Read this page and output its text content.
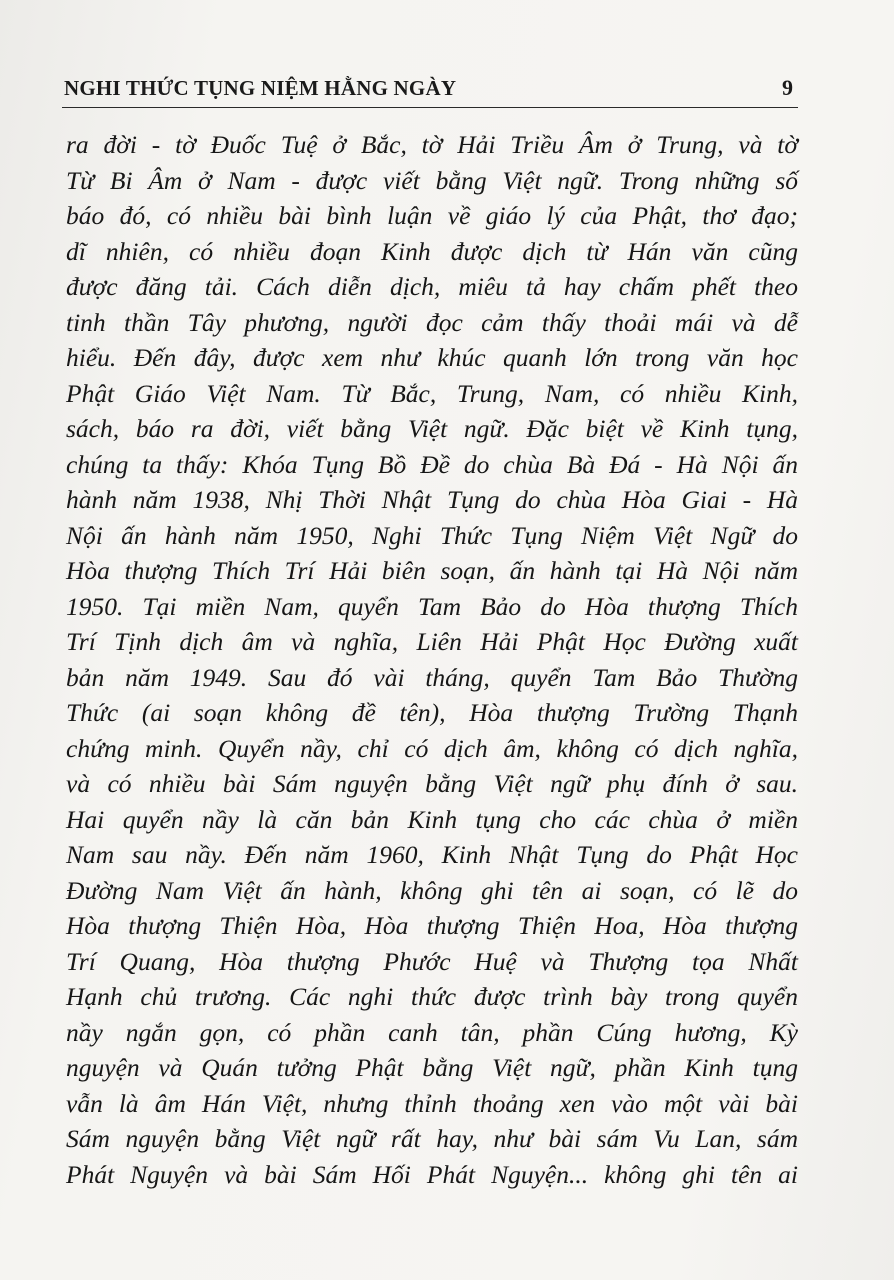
NGHI THỨC TỤNG NIỆM HẰNG NGÀY	9
ra đời - tờ Đuốc Tuệ ở Bắc, tờ Hải Triều Âm ở Trung, và tờ
Từ Bi Âm ở Nam - được viết bằng Việt ngữ. Trong những số
báo đó, có nhiều bài bình luận về giáo lý của Phật, thơ đạo;
dĩ nhiên, có nhiều đoạn Kinh được dịch từ Hán văn cũng
được đăng tải. Cách diễn dịch, miêu tả hay chấm phết theo
tinh thần Tây phương, người đọc cảm thấy thoải mái và dễ
hiểu. Đến đây, được xem như khúc quanh lớn trong văn học
Phật Giáo Việt Nam. Từ Bắc, Trung, Nam, có nhiều Kinh,
sách, báo ra đời, viết bằng Việt ngữ. Đặc biệt về Kinh tụng,
chúng ta thấy: Khóa Tụng Bồ Đề do chùa Bà Đá - Hà Nội ấn
hành năm 1938, Nhị Thời Nhật Tụng do chùa Hòa Giai - Hà
Nội ấn hành năm 1950, Nghi Thức Tụng Niệm Việt Ngữ do
Hòa thượng Thích Trí Hải biên soạn, ấn hành tại Hà Nội năm
1950. Tại miền Nam, quyển Tam Bảo do Hòa thượng Thích
Trí Tịnh dịch âm và nghĩa, Liên Hải Phật Học Đường xuất
bản năm 1949. Sau đó vài tháng, quyển Tam Bảo Thường
Thức (ai soạn không đề tên), Hòa thượng Trường Thạnh
chứng minh. Quyển nầy, chỉ có dịch âm, không có dịch nghĩa,
và có nhiều bài Sám nguyện bằng Việt ngữ phụ đính ở sau.
Hai quyển nầy là căn bản Kinh tụng cho các chùa ở miền
Nam sau nầy. Đến năm 1960, Kinh Nhật Tụng do Phật Học
Đường Nam Việt ấn hành, không ghi tên ai soạn, có lẽ do
Hòa thượng Thiện Hòa, Hòa thượng Thiện Hoa, Hòa thượng
Trí Quang, Hòa thượng Phước Huệ và Thượng tọa Nhất
Hạnh chủ trương. Các nghi thức được trình bày trong quyển
nầy ngắn gọn, có phần canh tân, phần Cúng hương, Kỳ
nguyện và Quán tưởng Phật bằng Việt ngữ, phần Kinh tụng
vẫn là âm Hán Việt, nhưng thỉnh thoảng xen vào một vài bài
Sám nguyện bằng Việt ngữ rất hay, như bài sám Vu Lan, sám
Phát Nguyện và bài Sám Hối Phát Nguyện... không ghi tên ai
